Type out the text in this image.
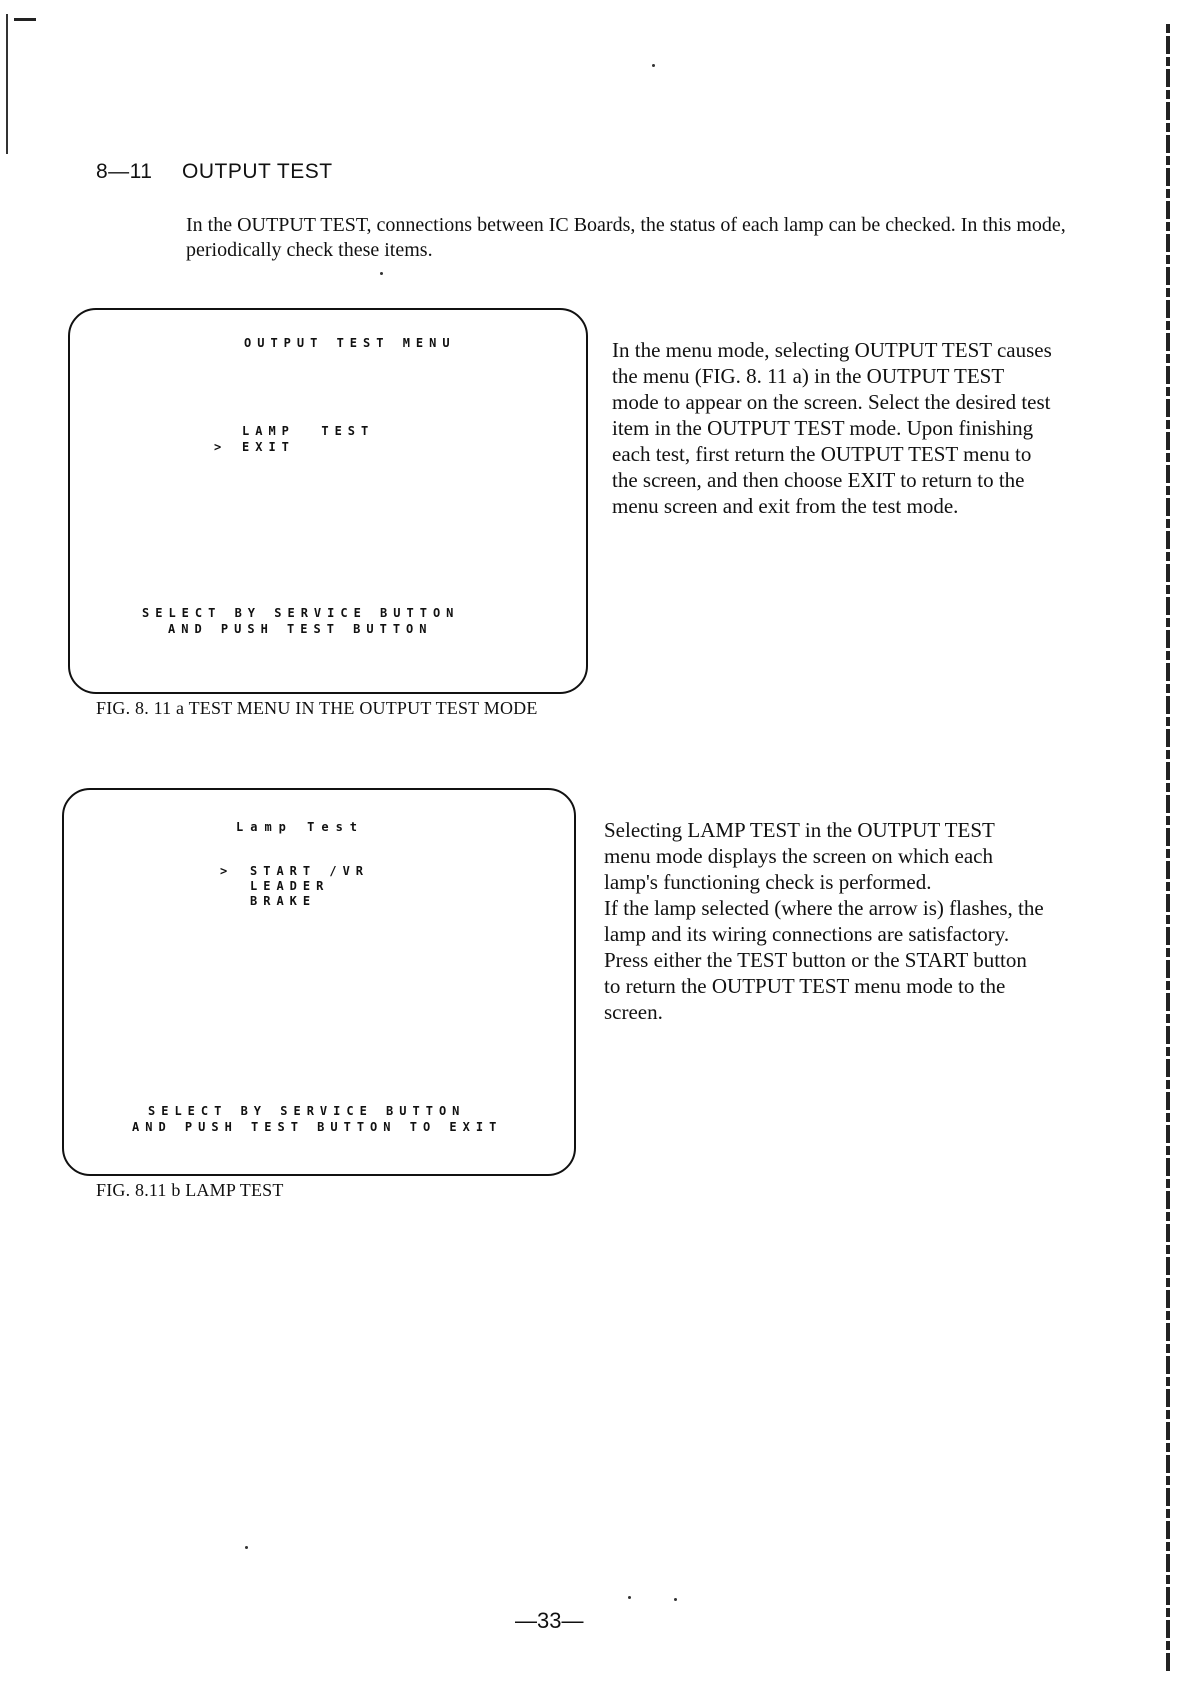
8—11 OUTPUT TEST
In the OUTPUT TEST, connections between IC Boards, the status of each lamp can be checked. In this mode, periodically check these items.
OUTPUT TEST MENU
LAMP  TEST
> EXIT
SELECT BY SERVICE BUTTON
AND PUSH TEST BUTTON
FIG. 8. 11 a TEST MENU IN THE OUTPUT TEST MODE
In the menu mode, selecting OUTPUT TEST causes the menu (FIG. 8. 11 a) in the OUTPUT TEST mode to appear on the screen. Select the desired test item in the OUTPUT TEST mode. Upon finishing each test, first return the OUTPUT TEST menu to the screen, and then choose EXIT to return to the menu screen and exit from the test mode.
Lamp Test
> START /VR
LEADER
BRAKE
SELECT BY SERVICE BUTTON
AND PUSH TEST BUTTON TO EXIT
FIG. 8.11 b LAMP TEST
Selecting LAMP TEST in the OUTPUT TEST menu mode displays the screen on which each lamp's functioning check is performed.
If the lamp selected (where the arrow is) flashes, the lamp and its wiring connections are satisfactory.
Press either the TEST button or the START button to return the OUTPUT TEST menu mode to the screen.
—33—
